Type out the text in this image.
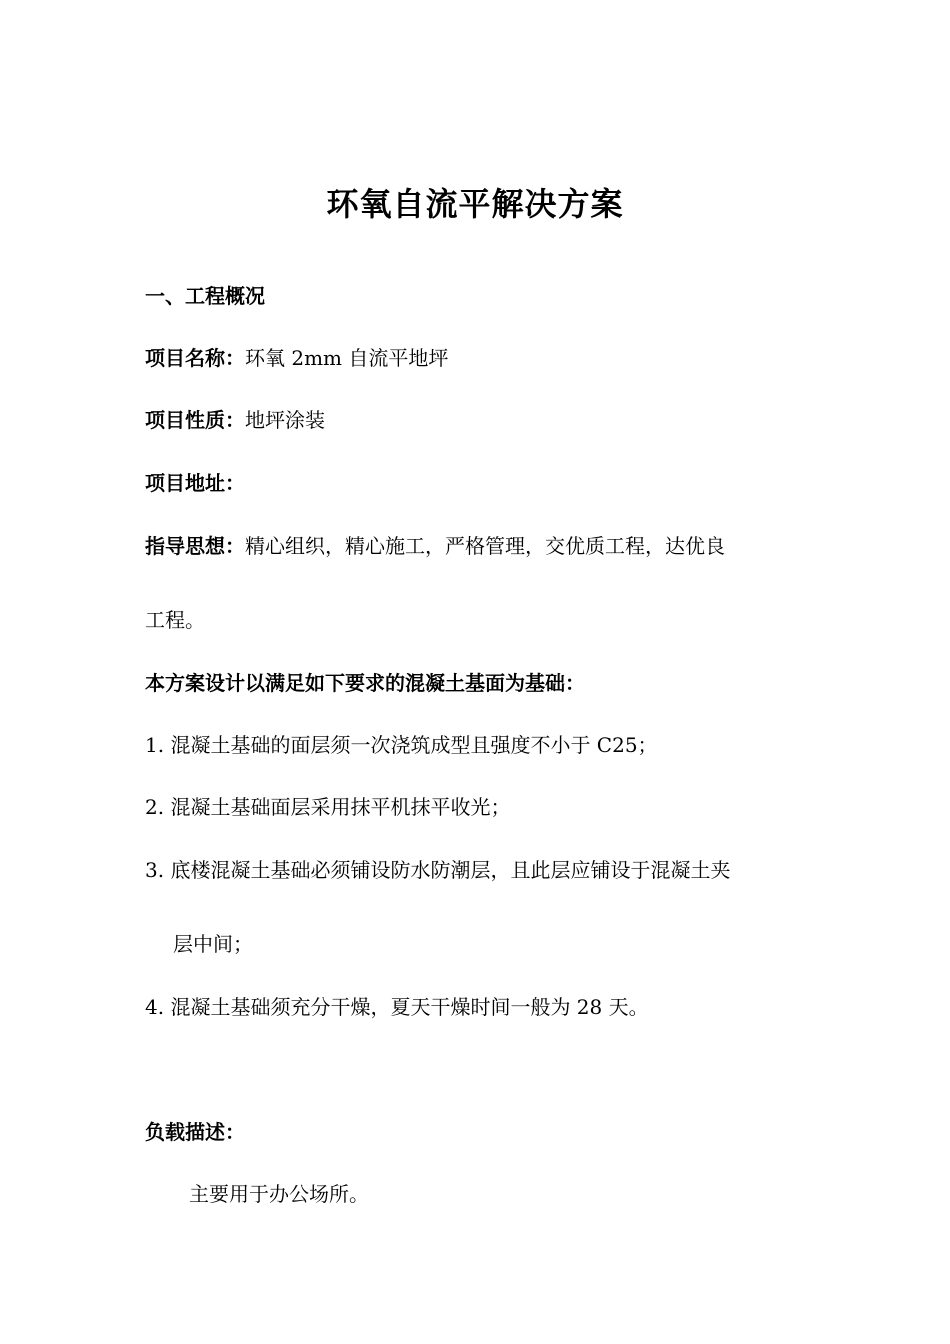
环氧自流平解决方案
一、工程概况
项目名称：环氧 2mm 自流平地坪
项目性质：地坪涂装
项目地址：
指导思想：精心组织，精心施工，严格管理，交优质工程，达优良
工程。
本方案设计以满足如下要求的混凝土基面为基础：
1. 混凝土基础的面层须一次浇筑成型且强度不小于 C25；
2. 混凝土基础面层采用抹平机抹平收光；
3. 底楼混凝土基础必须铺设防水防潮层，且此层应铺设于混凝土夹
层中间；
4. 混凝土基础须充分干燥，夏天干燥时间一般为 28 天。
负载描述：
主要用于办公场所。
